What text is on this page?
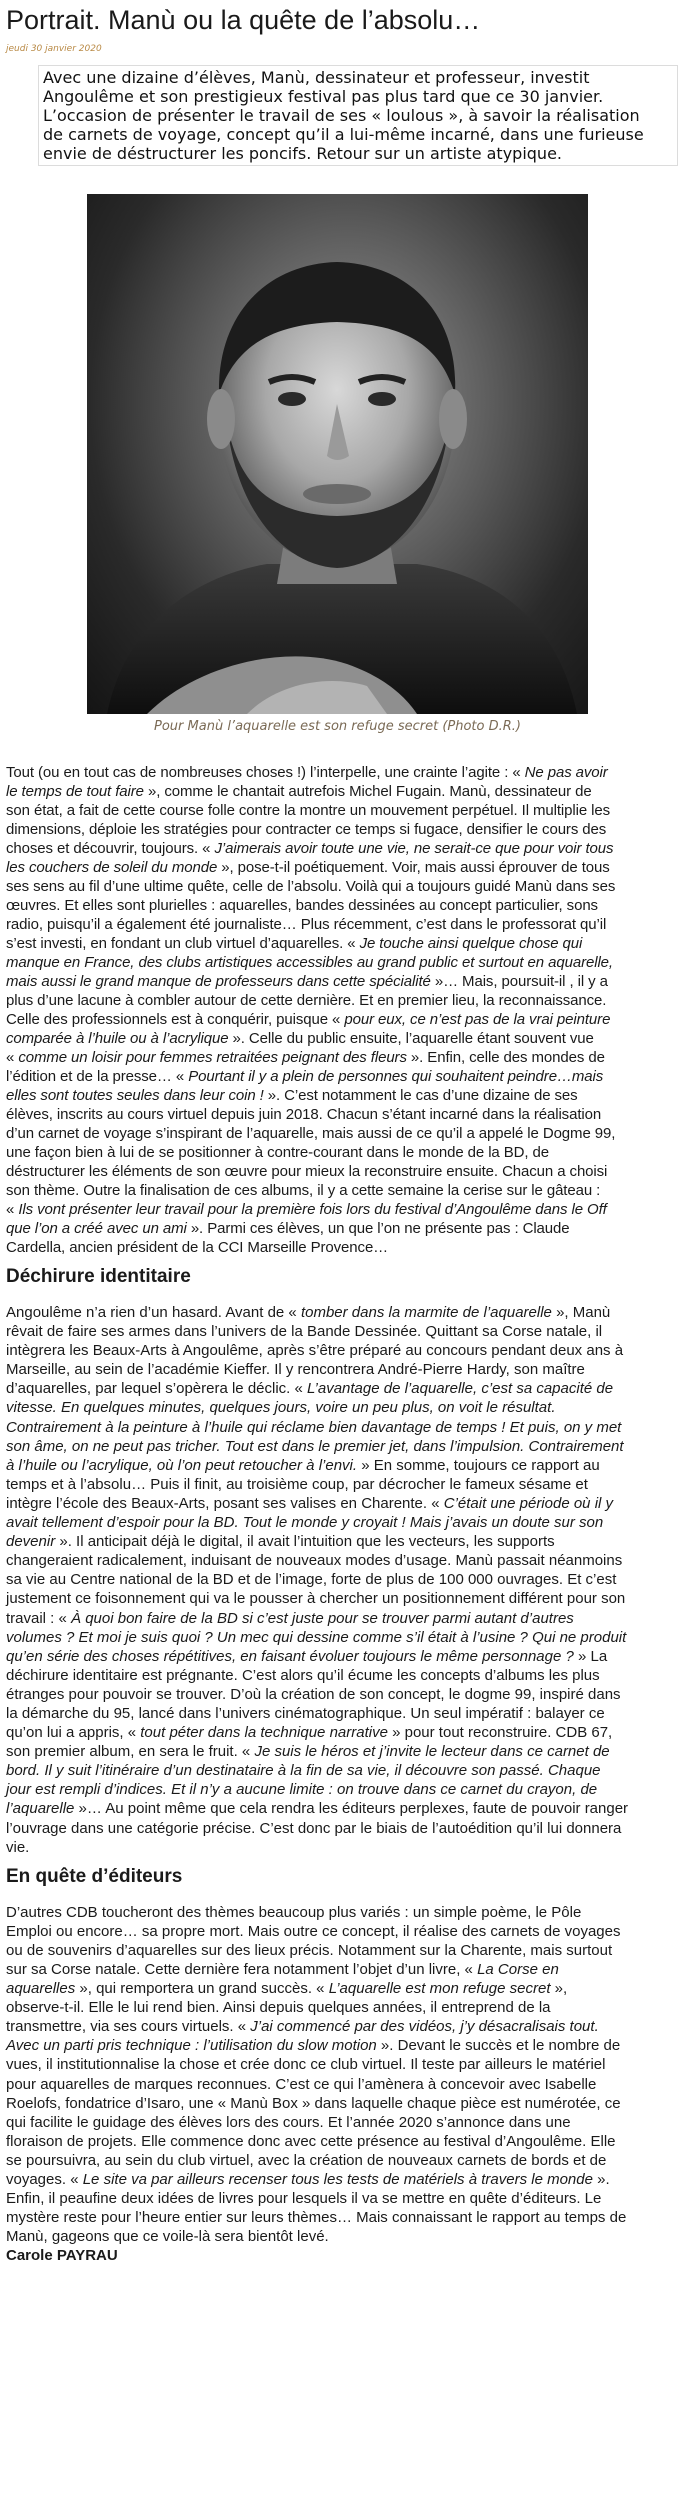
Portrait. Manù ou la quête de l’absolu…
jeudi 30 janvier 2020
Avec une dizaine d’élèves, Manù, dessinateur et professeur, investit
Angoulême et son prestigieux festival pas plus tard que ce 30 janvier.
L’occasion de présenter le travail de ses « loulous », à savoir la réalisation
de carnets de voyage, concept qu’il a lui-même incarné, dans une furieuse
envie de déstructurer les poncifs. Retour sur un artiste atypique.
Pour Manù l’aquarelle est son refuge secret (Photo D.R.)
Tout (ou en tout cas de nombreuses choses !) l’interpelle, une crainte l’agite : « Ne pas avoir
le temps de tout faire », comme le chantait autrefois Michel Fugain. Manù, dessinateur de
son état, a fait de cette course folle contre la montre un mouvement perpétuel. Il multiplie les
dimensions, déploie les stratégies pour contracter ce temps si fugace, densifier le cours des
choses et découvrir, toujours. « J’aimerais avoir toute une vie, ne serait-ce que pour voir tous
les couchers de soleil du monde », pose-t-il poétiquement. Voir, mais aussi éprouver de tous
ses sens au fil d’une ultime quête, celle de l’absolu. Voilà qui a toujours guidé Manù dans ses
œuvres. Et elles sont plurielles : aquarelles, bandes dessinées au concept particulier, sons
radio, puisqu’il a également été journaliste… Plus récemment, c’est dans le professorat qu’il
s’est investi, en fondant un club virtuel d’aquarelles. « Je touche ainsi quelque chose qui
manque en France, des clubs artistiques accessibles au grand public et surtout en aquarelle,
mais aussi le grand manque de professeurs dans cette spécialité »… Mais, poursuit-il , il y a
plus d’une lacune à combler autour de cette dernière. Et en premier lieu, la reconnaissance.
Celle des professionnels est à conquérir, puisque « pour eux, ce n’est pas de la vrai peinture
comparée à l’huile ou à l’acrylique ». Celle du public ensuite, l’aquarelle étant souvent vue
« comme un loisir pour femmes retraitées peignant des fleurs ». Enfin, celle des mondes de
l’édition et de la presse… « Pourtant il y a plein de personnes qui souhaitent peindre…mais
elles sont toutes seules dans leur coin ! ». C’est notamment le cas d’une dizaine de ses
élèves, inscrits au cours virtuel depuis juin 2018. Chacun s’étant incarné dans la réalisation
d’un carnet de voyage s’inspirant de l’aquarelle, mais aussi de ce qu’il a appelé le Dogme 99,
une façon bien à lui de se positionner à contre-courant dans le monde de la BD, de
déstructurer les éléments de son œuvre pour mieux la reconstruire ensuite. Chacun a choisi
son thème. Outre la finalisation de ces albums, il y a cette semaine la cerise sur le gâteau :
« Ils vont présenter leur travail pour la première fois lors du festival d’Angoulême dans le Off
que l’on a créé avec un ami ». Parmi ces élèves, un que l’on ne présente pas : Claude
Cardella, ancien président de la CCI Marseille Provence…
Déchirure identitaire
Angoulême n’a rien d’un hasard. Avant de « tomber dans la marmite de l’aquarelle », Manù
rêvait de faire ses armes dans l’univers de la Bande Dessinée. Quittant sa Corse natale, il
intègrera les Beaux-Arts à Angoulême, après s’être préparé au concours pendant deux ans à
Marseille, au sein de l’académie Kieffer. Il y rencontrera André-Pierre Hardy, son maître
d’aquarelles, par lequel s’opèrera le déclic. « L’avantage de l’aquarelle, c’est sa capacité de
vitesse. En quelques minutes, quelques jours, voire un peu plus, on voit le résultat.
Contrairement à la peinture à l’huile qui réclame bien davantage de temps ! Et puis, on y met
son âme, on ne peut pas tricher. Tout est dans le premier jet, dans l’impulsion. Contrairement
à l’huile ou l’acrylique, où l’on peut retoucher à l’envi. » En somme, toujours ce rapport au
temps et à l’absolu… Puis il finit, au troisième coup, par décrocher le fameux sésame et
intègre l’école des Beaux-Arts, posant ses valises en Charente. « C’était une période où il y
avait tellement d’espoir pour la BD. Tout le monde y croyait ! Mais j’avais un doute sur son
devenir ». Il anticipait déjà le digital, il avait l’intuition que les vecteurs, les supports
changeraient radicalement, induisant de nouveaux modes d’usage. Manù passait néanmoins
sa vie au Centre national de la BD et de l’image, forte de plus de 100 000 ouvrages. Et c’est
justement ce foisonnement qui va le pousser à chercher un positionnement différent pour son
travail : « À quoi bon faire de la BD si c’est juste pour se trouver parmi autant d’autres
volumes ? Et moi je suis quoi ? Un mec qui dessine comme s’il était à l’usine ? Qui ne produit
qu’en série des choses répétitives, en faisant évoluer toujours le même personnage ? » La
déchirure identitaire est prégnante. C’est alors qu’il écume les concepts d’albums les plus
étranges pour pouvoir se trouver. D’où la création de son concept, le dogme 99, inspiré dans
la démarche du 95, lancé dans l’univers cinématographique. Un seul impératif : balayer ce
qu’on lui a appris, « tout péter dans la technique narrative » pour tout reconstruire. CDB 67,
son premier album, en sera le fruit. « Je suis le héros et j’invite le lecteur dans ce carnet de
bord. Il y suit l’itinéraire d’un destinataire à la fin de sa vie, il découvre son passé. Chaque
jour est rempli d’indices. Et il n’y a aucune limite : on trouve dans ce carnet du crayon, de
l’aquarelle »… Au point même que cela rendra les éditeurs perplexes, faute de pouvoir ranger
l’ouvrage dans une catégorie précise. C’est donc par le biais de l’autoédition qu’il lui donnera
vie.
En quête d’éditeurs
D’autres CDB toucheront des thèmes beaucoup plus variés : un simple poème, le Pôle
Emploi ou encore… sa propre mort. Mais outre ce concept, il réalise des carnets de voyages
ou de souvenirs d’aquarelles sur des lieux précis. Notamment sur la Charente, mais surtout
sur sa Corse natale. Cette dernière fera notamment l’objet d’un livre, « La Corse en
aquarelles », qui remportera un grand succès. « L’aquarelle est mon refuge secret »,
observe-t-il. Elle le lui rend bien. Ainsi depuis quelques années, il entreprend de la
transmettre, via ses cours virtuels. « J’ai commencé par des vidéos, j’y désacralisais tout.
Avec un parti pris technique : l’utilisation du slow motion ». Devant le succès et le nombre de
vues, il institutionnalise la chose et crée donc ce club virtuel. Il teste par ailleurs le matériel
pour aquarelles de marques reconnues. C’est ce qui l’amènera à concevoir avec Isabelle
Roelofs, fondatrice d’Isaro, une « Manù Box » dans laquelle chaque pièce est numérotée, ce
qui facilite le guidage des élèves lors des cours. Et l’année 2020 s’annonce dans une
floraison de projets. Elle commence donc avec cette présence au festival d’Angoulême. Elle
se poursuivra, au sein du club virtuel, avec la création de nouveaux carnets de bords et de
voyages. « Le site va par ailleurs recenser tous les tests de matériels à travers le monde ».
Enfin, il peaufine deux idées de livres pour lesquels il va se mettre en quête d’éditeurs. Le
mystère reste pour l’heure entier sur leurs thèmes… Mais connaissant le rapport au temps de
Manù, gageons que ce voile-là sera bientôt levé.
Carole PAYRAU
